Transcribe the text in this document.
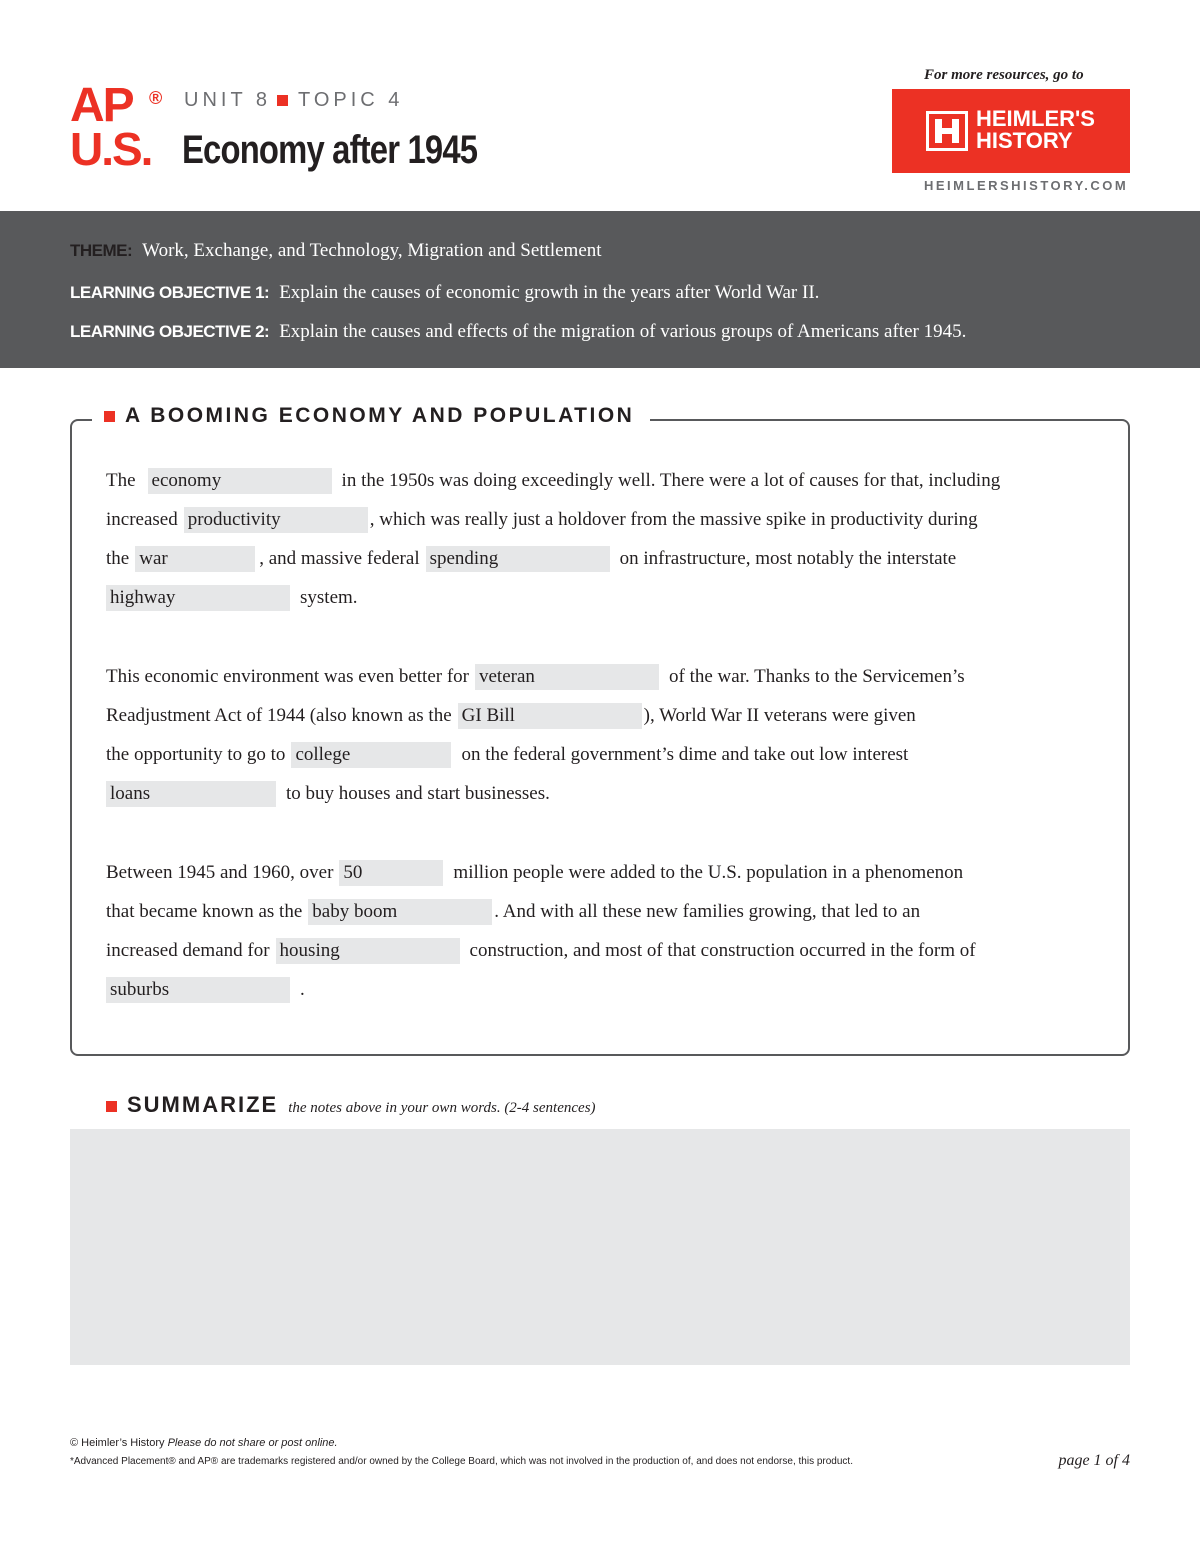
AP ®
U.S.
UNIT 8 TOPIC 4
Economy after 1945
For more resources, go to
HEIMLER'S
HISTORY
HEIMLERSHISTORY.COM
THEME: Work, Exchange, and Technology, Migration and Settlement
LEARNING OBJECTIVE 1: Explain the causes of economic growth in the years after World War II.
LEARNING OBJECTIVE 2: Explain the causes and effects of the migration of various groups of Americans after 1945.
A BOOMING ECONOMY AND POPULATION
The economy	in the 1950s was doing exceedingly well. There were a lot of causes for that, including
increased productivity	, which was really just a holdover from the massive spike in productivity during
the war	, and massive federal spending	on infrastructure, most notably the interstate
highway	system.
This economic environment was even better for veteran	of the war. Thanks to the Servicemen’s
Readjustment Act of 1944 (also known as the GI Bill	), World War II veterans were given
the opportunity to go to college	on the federal government’s dime and take out low interest
loans	to buy houses and start businesses.
Between 1945 and 1960, over 50	million people were added to the U.S. population in a phenomenon
that became known as the baby boom	. And with all these new families growing, that led to an
increased demand for housing	construction, and most of that construction occurred in the form of
suburbs	.
SUMMARIZE the notes above in your own words. (2-4 sentences)
© Heimler’s History Please do not share or post online.
*Advanced Placement® and AP® are trademarks registered and/or owned by the College Board, which was not involved in the production of, and does not endorse, this product.	page 1 of 4
